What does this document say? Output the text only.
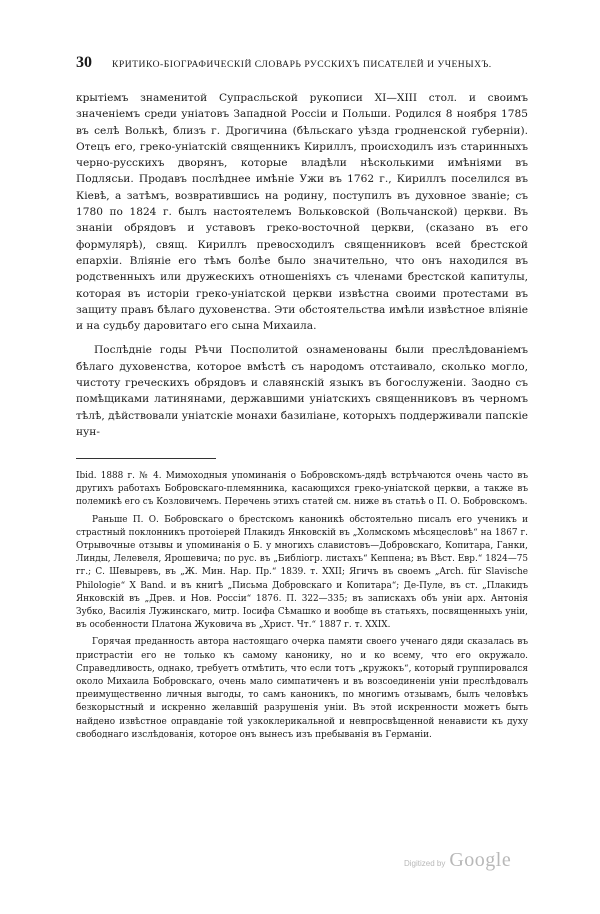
30	КРИТИКО-БІОГРАФИЧЕСКІЙ СЛОВАРЬ РУССКИХЪ ПИСАТЕЛЕЙ И УЧЕНЫХЪ.

крытіемъ знаменитой Супрасльской рукописи XI—XIII стол. и своимъ значеніемъ среди уніатовъ Западной Россіи и Польши. Родился 8 ноября 1785 въ селѣ Волькѣ, близъ г. Дрогичина (бѣльскаго уѣзда гродненской губерніи). Отецъ его, греко-уніатскій священникъ Кириллъ, происходилъ изъ старинныхъ черно-русскихъ дворянъ, которые владѣли нѣсколькими имѣніями въ Подлясьи. Продавъ послѣднее имѣніе Ужи въ 1762 г., Кириллъ поселился въ Кіевѣ, а затѣмъ, возвратившись на родину, поступилъ въ духовное званіе; съ 1780 по 1824 г. былъ настоятелемъ Вольковской (Вольчанской) церкви. Въ знаніи обрядовъ и уставовъ греко-восточной церкви, (сказано въ его формулярѣ), свящ. Кириллъ превосходилъ священниковъ всей брестской епархіи. Вліяніе его тѣмъ болѣе было значительно, что онъ находился въ родственныхъ или дружескихъ отношеніяхъ съ членами брестской капитулы, которая въ исторіи греко-уніатской церкви извѣстна своими протестами въ защиту правъ бѣлаго духовенства. Эти обстоятельства имѣли извѣстное вліяніе и на судьбу даровитаго его сына Михаила.

Послѣдніе годы Рѣчи Посполитой ознаменованы были преслѣдованіемъ бѣлаго духовенства, которое вмѣстѣ съ народомъ отстаивало, сколько могло, чистоту греческихъ обрядовъ и славянскій языкъ въ богослуженіи. Заодно съ помѣщиками латинянами, державшими уніатскихъ священниковъ въ черномъ тѣлѣ, дѣйствовали уніатскіе монахи базиліане, которыхъ поддерживали папскіе нун-

Ibid. 1888 г. № 4. Мимоходныя упоминанія о Бобровскомъ-дядѣ встрѣчаются очень часто въ другихъ работахъ Бобровскаго-племянника, касающихся греко-уніатской церкви, а также въ полемикѣ его съ Козловичемъ. Перечень этихъ статей см. ниже въ статьѣ о П. О. Бобровскомъ.

Раньше П. О. Бобровскаго о брестскомъ каноникѣ обстоятельно писалъ его ученикъ и страстный поклонникъ протоіерей Плакидъ Янковскій въ „Холмскомъ мѣсяцесловѣ“ на 1867 г. Отрывочные отзывы и упоминанія о Б. у многихъ славистовъ—Добровскаго, Копитара, Ганки, Линды, Лелевеля, Ярошевича; по рус. въ „Библіогр. листахъ“ Кеппена; въ Вѣст. Евр.“ 1824—75 гг.; С. Шевыревъ, въ „Ж. Мин. Нар. Пр.“ 1839. т. XXII; Ягичъ въ своемъ „Arch. für Slavische Philologie“ X Band. и въ книгѣ „Письма Добровскаго и Копитара“; Де-Пуле, въ ст. „Плакидъ Янковскій въ „Древ. и Нов. Россіи“ 1876. П. 322—335; въ запискахъ объ уніи арх. Антонія Зубко, Василія Лужинскаго, митр. Іосифа Сѣмашко и вообще въ статьяхъ, посвященныхъ уніи, въ особенности Платона Жуковича въ „Христ. Чт.“ 1887 г. т. XXIX.

Горячая преданность автора настоящаго очерка памяти своего ученаго дяди сказалась въ пристрастіи его не только къ самому канонику, но и ко всему, что его окружало. Справедливость, однако, требуетъ отмѣтить, что если тотъ „кружокъ“, который группировался около Михаила Бобровскаго, очень мало симпатиченъ и въ возсоединеніи уніи преслѣдовалъ преимущественно личныя выгоды, то самъ каноникъ, по многимъ отзывамъ, былъ человѣкъ безкорыстный и искренно желавшій разрушенія уніи. Въ этой искренности можетъ быть найдено извѣстное оправданіе той узкоклерикальной и невпросвѣщенной ненависти къ духу свободнаго изслѣдованія, которое онъ вынесъ изъ пребыванія въ Германіи.

Digitized by Google
